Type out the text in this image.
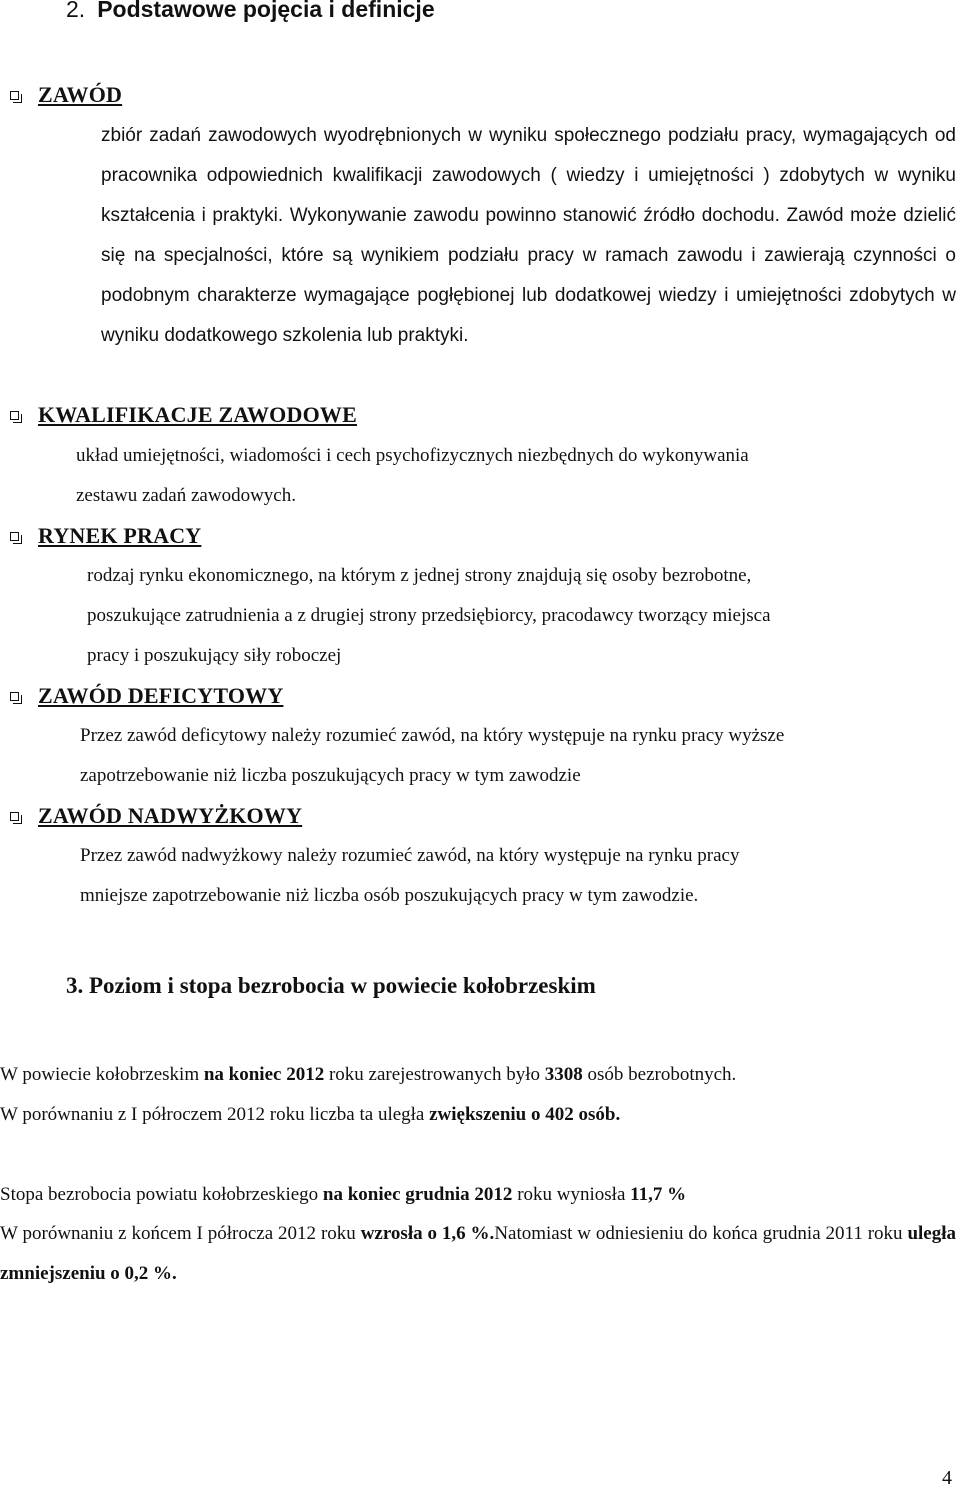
2. Podstawowe pojęcia i definicje
ZAWÓD

zbiór zadań zawodowych wyodrębnionych w wyniku społecznego podziału pracy, wymagających od pracownika odpowiednich kwalifikacji zawodowych ( wiedzy i umiejętności ) zdobytych w wyniku kształcenia i praktyki. Wykonywanie zawodu powinno stanowić źródło dochodu. Zawód może dzielić się na specjalności, które są wynikiem podziału pracy w ramach zawodu i zawierają czynności o podobnym charakterze wymagające pogłębionej lub dodatkowej wiedzy i umiejętności zdobytych w wyniku dodatkowego szkolenia lub praktyki.

KWALIFIKACJE ZAWODOWE

układ umiejętności, wiadomości i cech psychofizycznych niezbędnych do wykonywania

zestawu zadań zawodowych.

RYNEK PRACY

rodzaj rynku ekonomicznego, na którym z jednej strony znajdują się osoby bezrobotne,

poszukujące zatrudnienia a z drugiej strony przedsiębiorcy, pracodawcy tworzący miejsca

pracy i poszukujący siły roboczej

ZAWÓD DEFICYTOWY

Przez zawód deficytowy należy rozumieć zawód, na który występuje na rynku pracy wyższe

zapotrzebowanie niż liczba poszukujących pracy w tym zawodzie

ZAWÓD NADWYŻKOWY

Przez zawód nadwyżkowy należy rozumieć zawód, na który występuje na rynku pracy

mniejsze zapotrzebowanie niż liczba osób poszukujących pracy w tym zawodzie.

3. Poziom i stopa bezrobocia w powiecie kołobrzeskim

W powiecie kołobrzeskim na koniec 2012 roku zarejestrowanych było 3308 osób bezrobotnych.

W porównaniu z I półroczem 2012 roku liczba ta uległa zwiększeniu o 402 osób.

Stopa bezrobocia powiatu kołobrzeskiego na koniec grudnia 2012 roku wyniosła 11,7 %

W porównaniu z końcem I półrocza 2012 roku wzrosła o 1,6 %.Natomiast w odniesieniu do końca grudnia 2011 roku uległa zmniejszeniu o 0,2 %.

4
